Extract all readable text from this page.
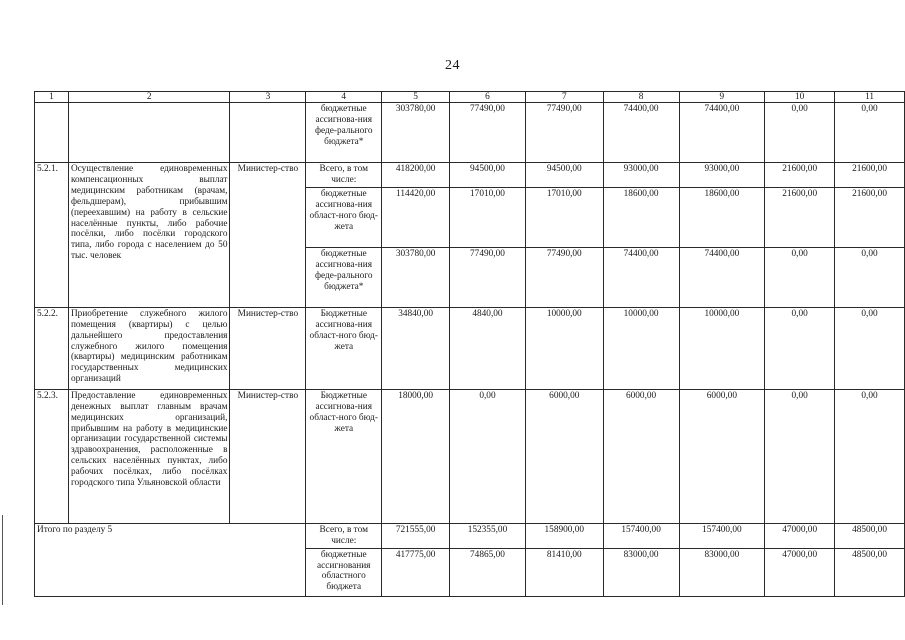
24
1	2	3	4	5	6	7	8	9	10	11
			бюджетные ассигнова-ния феде-рального бюджета*	303780,00	77490,00	77490,00	74400,00	74400,00	0,00	0,00
5.2.1.	Осуществление единовременных компенсационных выплат медицинским работникам (врачам, фельдшерам), прибывшим (переехавшим) на работу в сельские населённые пункты, либо рабочие посёлки, либо посёлки городского типа, либо города с населением до 50 тыс. человек	Министер-ство	Всего, в том числе:	418200,00	94500,00	94500,00	93000,00	93000,00	21600,00	21600,00
			бюджетные ассигнова-ния област-ного бюд-жета	114420,00	17010,00	17010,00	18600,00	18600,00	21600,00	21600,00
			бюджетные ассигнова-ния феде-рального бюджета*	303780,00	77490,00	77490,00	74400,00	74400,00	0,00	0,00
5.2.2.	Приобретение служебного жилого помещения (квартиры) с целью дальнейшего предоставления служебного жилого помещения (квартиры) медицинским работникам государственных медицинских организаций	Министер-ство	Бюджетные ассигнова-ния област-ного бюд-жета	34840,00	4840,00	10000,00	10000,00	10000,00	0,00	0,00
5.2.3.	Предоставление единовременных денежных выплат главным врачам медицинских организаций, прибывшим на работу в медицинские организации государственной системы здравоохранения, расположенные в сельских населённых пунктах, либо рабочих посёлках, либо посёлках городского типа Ульяновской области	Министер-ство	Бюджетные ассигнова-ния област-ного бюд-жета	18000,00	0,00	6000,00	6000,00	6000,00	0,00	0,00
Итого по разделу 5			Всего, в том числе:	721555,00	152355,00	158900,00	157400,00	157400,00	47000,00	48500,00
			бюджетные ассигнования областного бюджета	417775,00	74865,00	81410,00	83000,00	83000,00	47000,00	48500,00
